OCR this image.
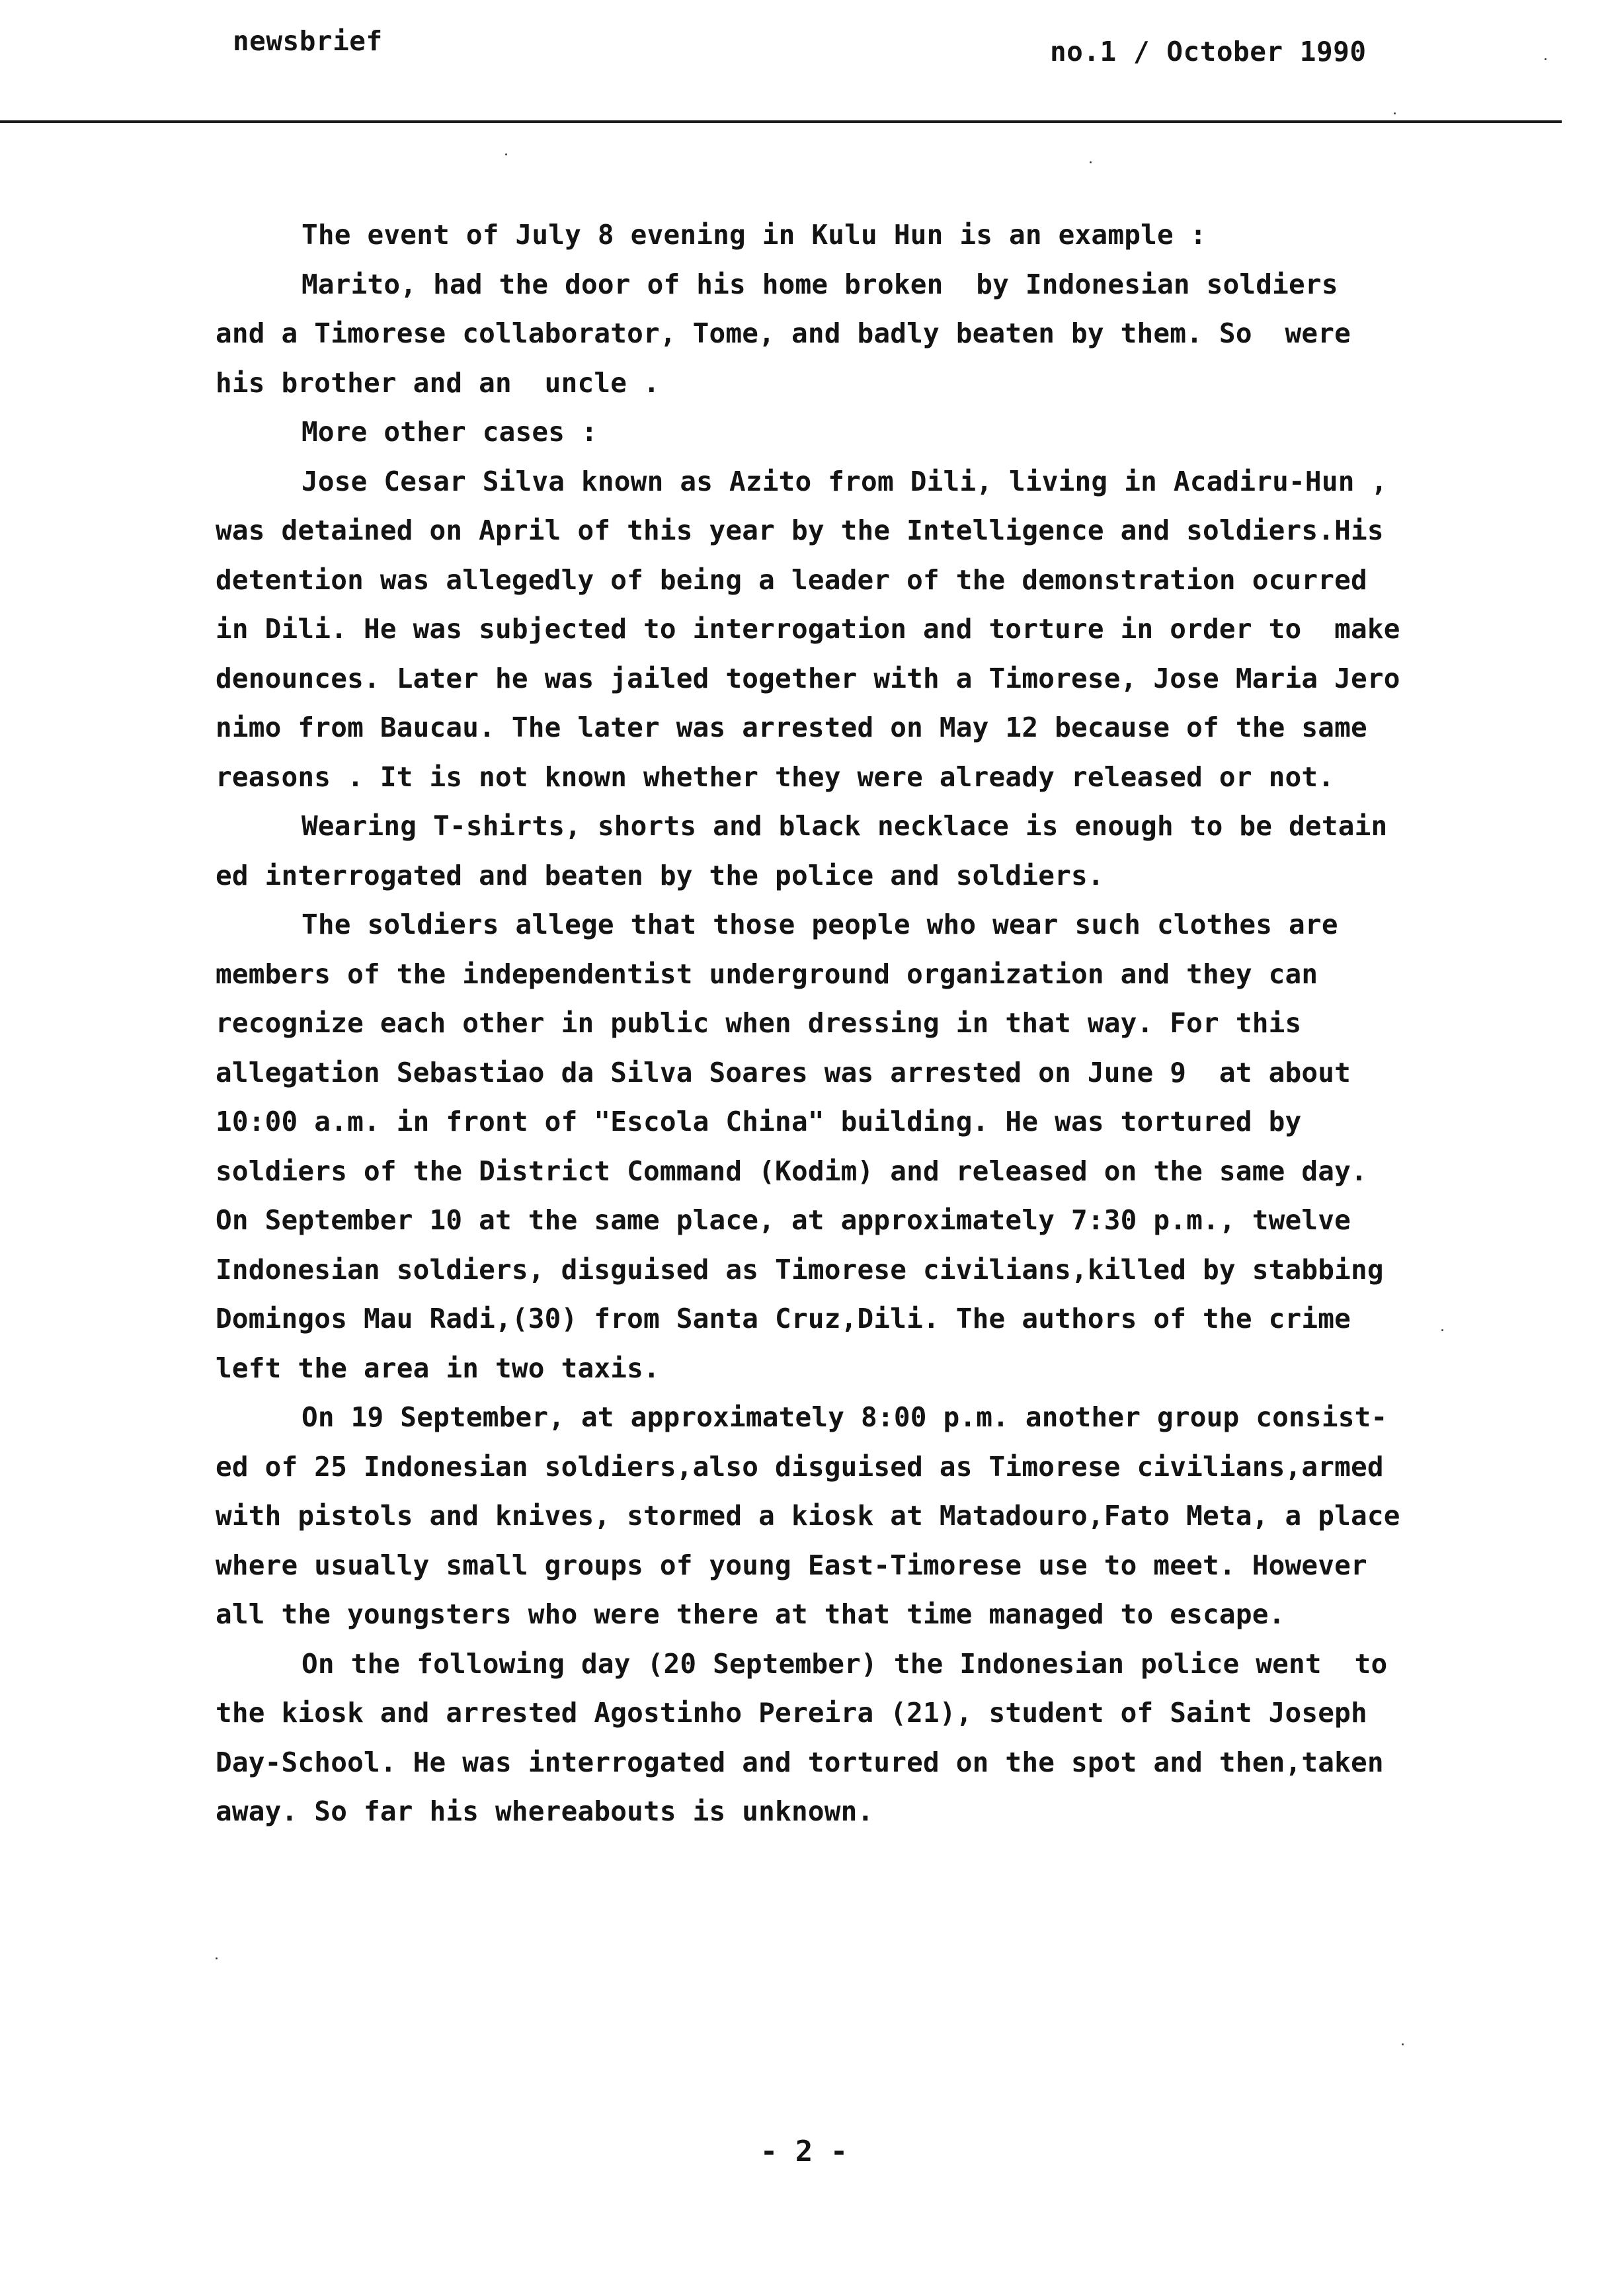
newsbrief	no.1 / October 1990
The event of July 8 evening in Kulu Hun is an example :
Marito, had the door of his home broken  by Indonesian soldiers
and a Timorese collaborator, Tome, and badly beaten by them. So  were
his brother and an  uncle .
More other cases :
Jose Cesar Silva known as Azito from Dili, living in Acadiru-Hun ,
was detained on April of this year by the Intelligence and soldiers.His
detention was allegedly of being a leader of the demonstration ocurred
in Dili. He was subjected to interrogation and torture in order to  make
denounces. Later he was jailed together with a Timorese, Jose Maria Jero
nimo from Baucau. The later was arrested on May 12 because of the same
reasons . It is not known whether they were already released or not.
Wearing T-shirts, shorts and black necklace is enough to be detain
ed interrogated and beaten by the police and soldiers.
The soldiers allege that those people who wear such clothes are
members of the independentist underground organization and they can
recognize each other in public when dressing in that way. For this
allegation Sebastiao da Silva Soares was arrested on June 9  at about
10:00 a.m. in front of "Escola China" building. He was tortured by
soldiers of the District Command (Kodim) and released on the same day.
On September 10 at the same place, at approximately 7:30 p.m., twelve
Indonesian soldiers, disguised as Timorese civilians,killed by stabbing
Domingos Mau Radi,(30) from Santa Cruz,Dili. The authors of the crime
left the area in two taxis.
On 19 September, at approximately 8:00 p.m. another group consist-
ed of 25 Indonesian soldiers,also disguised as Timorese civilians,armed
with pistols and knives, stormed a kiosk at Matadouro,Fato Meta, a place
where usually small groups of young East-Timorese use to meet. However
all the youngsters who were there at that time managed to escape.
On the following day (20 September) the Indonesian police went  to
the kiosk and arrested Agostinho Pereira (21), student of Saint Joseph
Day-School. He was interrogated and tortured on the spot and then,taken
away. So far his whereabouts is unknown.
- 2 -
